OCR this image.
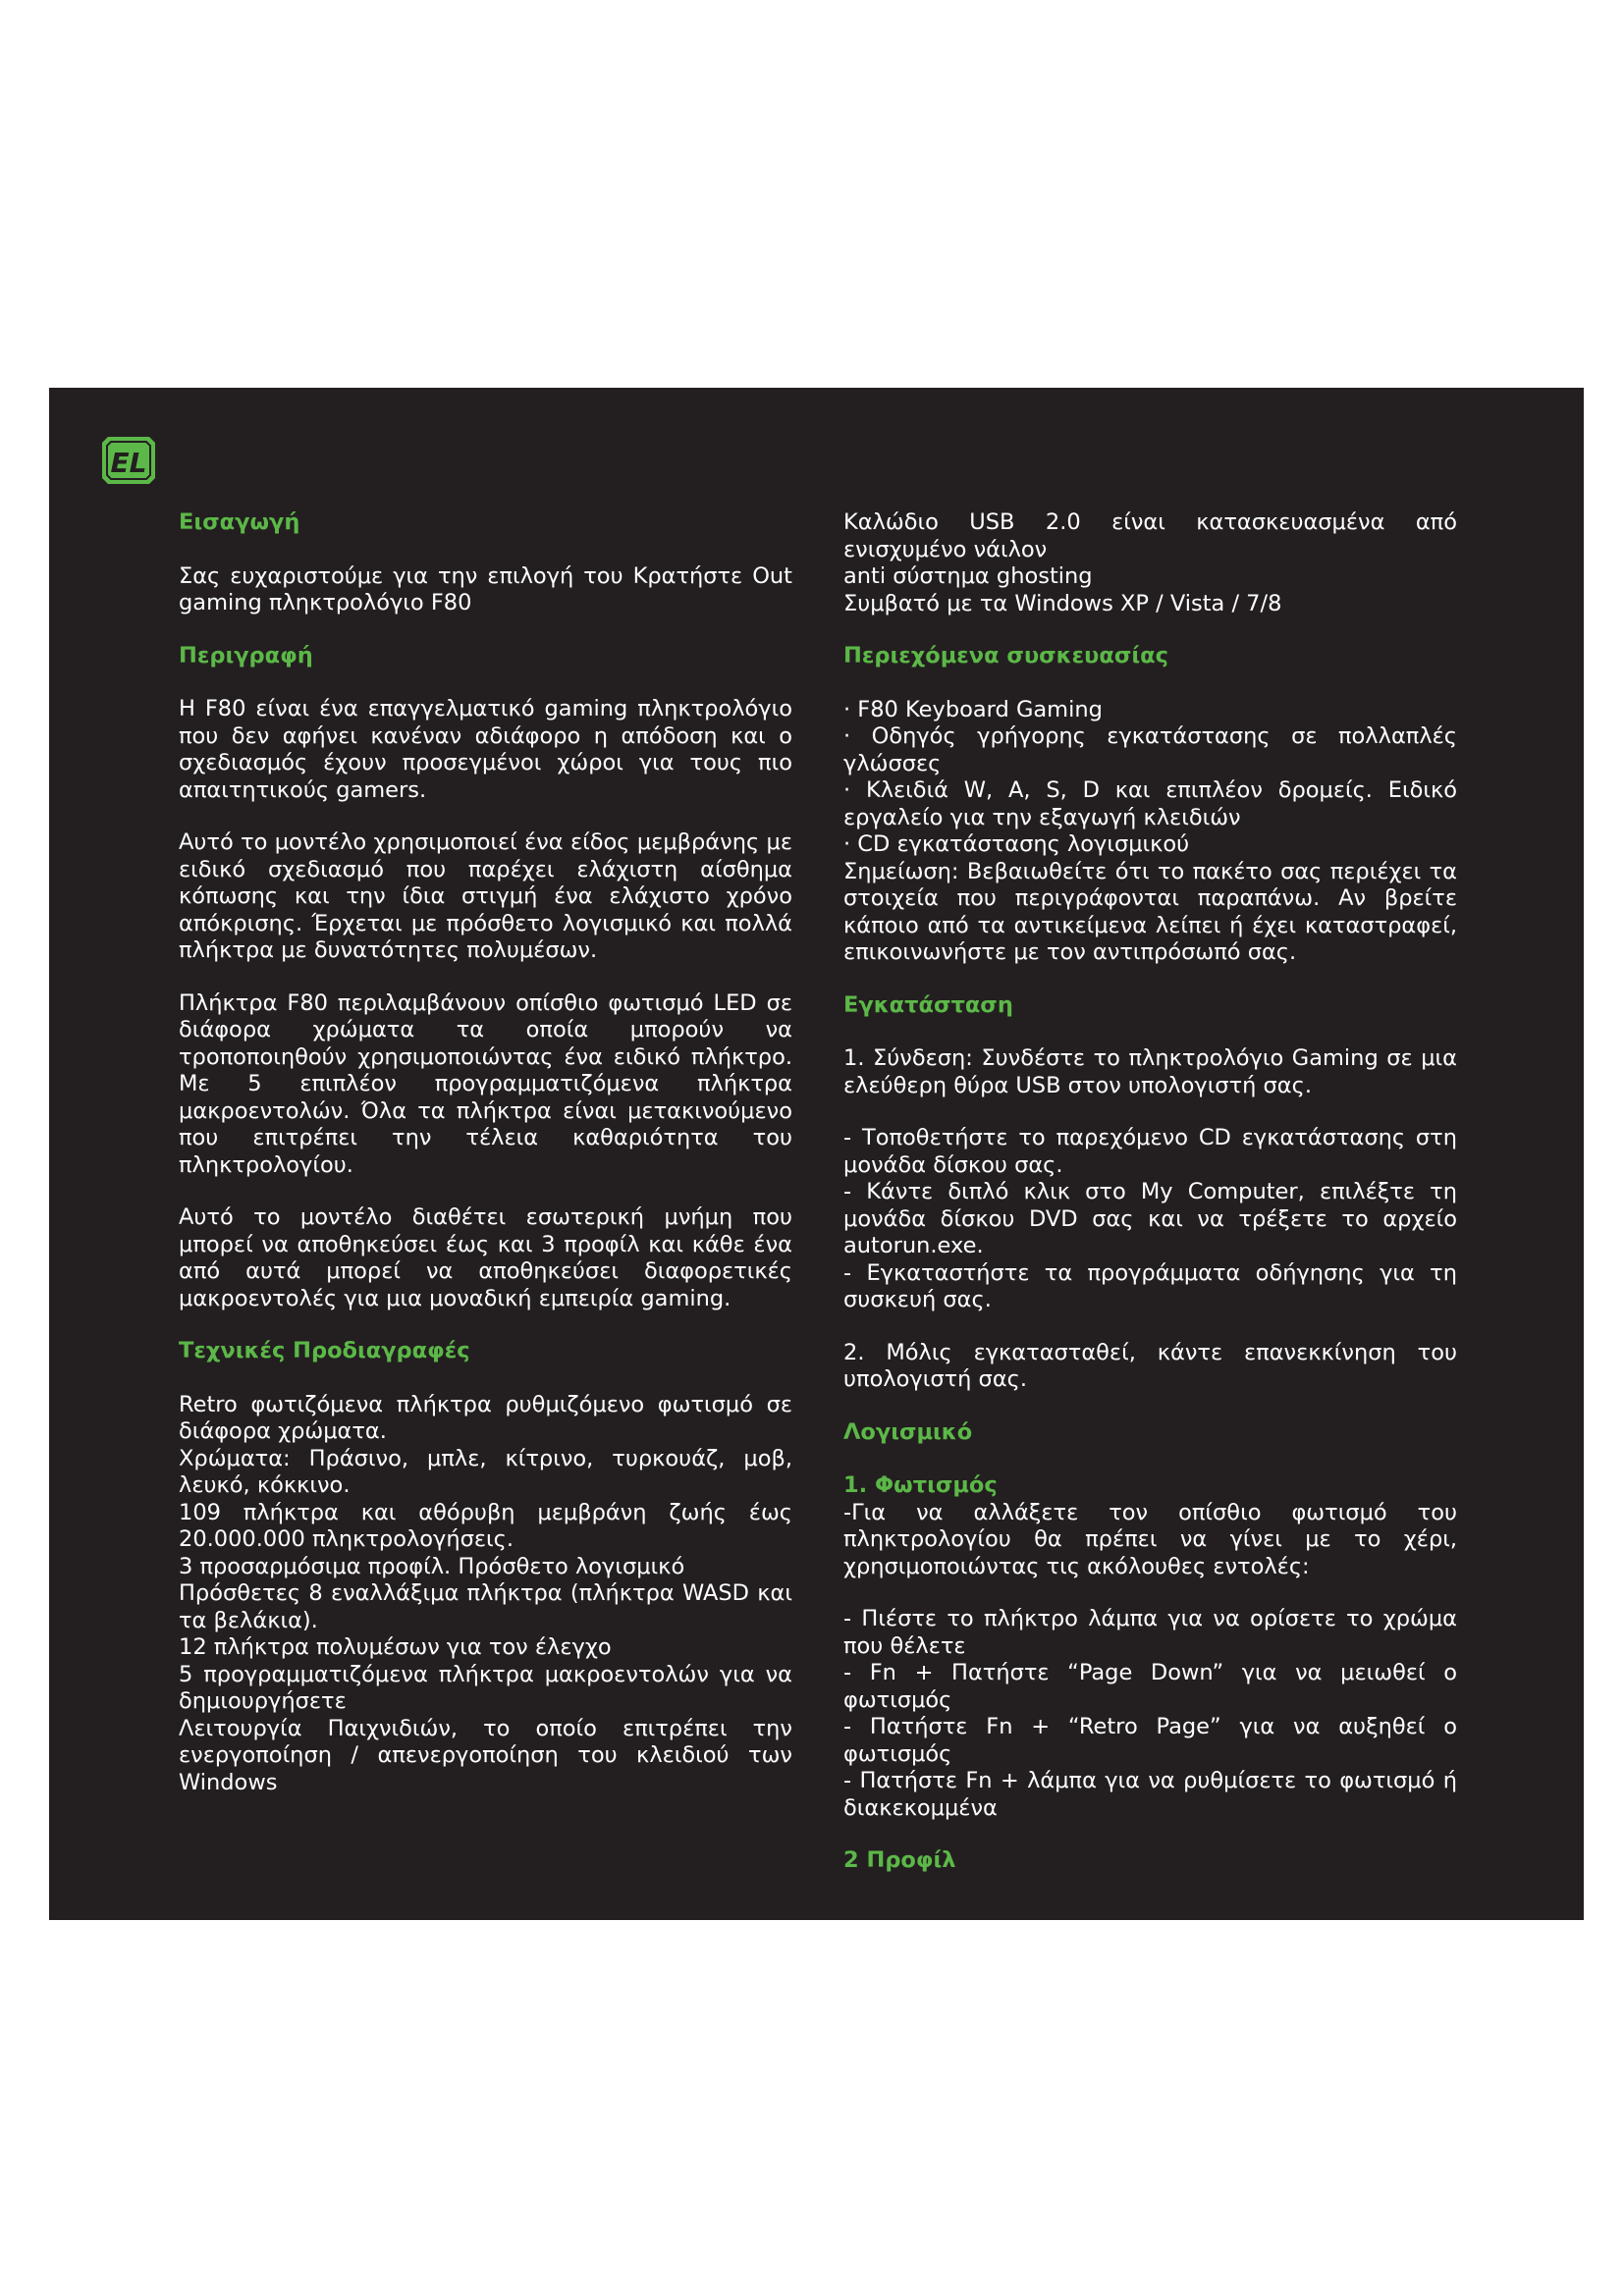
EL
Εισαγωγή

Σας ευχαριστούμε για την επιλογή του Κρατήστε Out gaming πληκτρολόγιο F80

Περιγραφή

Η F80 είναι ένα επαγγελματικό gaming πληκτρολόγιο που δεν αφήνει κανέναν αδιάφορο η απόδοση και ο σχεδιασμός έχουν προσεγμένοι χώροι για τους πιο απαιτητικούς gamers.

Αυτό το μοντέλο χρησιμοποιεί ένα είδος μεμβράνης με ειδικό σχεδιασμό που παρέχει ελάχιστη αίσθημα κόπωσης και την ίδια στιγμή ένα ελάχιστο χρόνο απόκρισης. Έρχεται με πρόσθετο λογισμικό και πολλά πλήκτρα με δυνατότητες πολυμέσων.

Πλήκτρα F80 περιλαμβάνουν οπίσθιο φωτισμό LED σε διάφορα χρώματα τα οποία μπορούν να τροποποιηθούν χρησιμοποιώντας ένα ειδικό πλήκτρο. Με 5 επιπλέον προγραμματιζόμενα πλήκτρα μακροεντολών. Όλα τα πλήκτρα είναι μετακινούμενο που επιτρέπει την τέλεια καθαριότητα του πληκτρολογίου.

Αυτό το μοντέλο διαθέτει εσωτερική μνήμη που μπορεί να αποθηκεύσει έως και 3 προφίλ και κάθε ένα από αυτά μπορεί να αποθηκεύσει διαφορετικές μακροεντολές για μια μοναδική εμπειρία gaming.

Τεχνικές Προδιαγραφές
Retro φωτιζόμενα πλήκτρα ρυθμιζόμενο φωτισμό σε διάφορα χρώματα.
Χρώματα: Πράσινο, μπλε, κίτρινο, τυρκουάζ, μοβ, λευκό, κόκκινο.
109 πλήκτρα και αθόρυβη μεμβράνη ζωής έως 20.000.000 πληκτρολογήσεις.
3 προσαρμόσιμα προφίλ. Πρόσθετο λογισμικό
Πρόσθετες 8 εναλλάξιμα πλήκτρα (πλήκτρα WASD και τα βελάκια).
12 πλήκτρα πολυμέσων για τον έλεγχο
5 προγραμματιζόμενα πλήκτρα μακροεντολών για να δημιουργήσετε
Λειτουργία Παιχνιδιών, το οποίο επιτρέπει την ενεργοποίηση / απενεργοποίηση του κλειδιού των Windows
Καλώδιο USB 2.0 είναι κατασκευασμένα από ενισχυμένο νάιλον
anti σύστημα ghosting
Συμβατό με τα Windows XP / Vista / 7/8
Περιεχόμενα συσκευασίας
· F80 Keyboard Gaming
· Οδηγός γρήγορης εγκατάστασης σε πολλαπλές γλώσσες
· Κλειδιά W, A, S, D και επιπλέον δρομείς. Ειδικό εργαλείο για την εξαγωγή κλειδιών
· CD εγκατάστασης λογισμικού

Σημείωση: Βεβαιωθείτε ότι το πακέτο σας περιέχει τα στοιχεία που περιγράφονται παραπάνω. Αν βρείτε κάποιο από τα αντικείμενα λείπει ή έχει καταστραφεί, επικοινωνήστε με τον αντιπρόσωπό σας.

Εγκατάσταση

1. Σύνδεση: Συνδέστε το πληκτρολόγιο Gaming σε μια ελεύθερη θύρα USB στον υπολογιστή σας.

- Τοποθετήστε το παρεχόμενο CD εγκατάστασης στη μονάδα δίσκου σας.
- Κάντε διπλό κλικ στο My Computer, επιλέξτε τη μονάδα δίσκου DVD σας και να τρέξετε το αρχείο autorun.exe.
- Εγκαταστήστε τα προγράμματα οδήγησης για τη συσκευή σας.

2. Μόλις εγκατασταθεί, κάντε επανεκκίνηση του υπολογιστή σας.

Λογισμικό
1. Φωτισμός

-Για να αλλάξετε τον οπίσθιο φωτισμό του πληκτρολογίου θα πρέπει να γίνει με το χέρι, χρησιμοποιώντας τις ακόλουθες εντολές:

- Πιέστε το πλήκτρο λάμπα για να ορίσετε το χρώμα που θέλετε
- Fn + Πατήστε “Page Down” για να μειωθεί ο φωτισμός
- Πατήστε Fn + “Retro Page” για να αυξηθεί ο φωτισμός
- Πατήστε Fn + λάμπα για να ρυθμίσετε το φωτισμό ή διακεκομμένα
2 Προφίλ
